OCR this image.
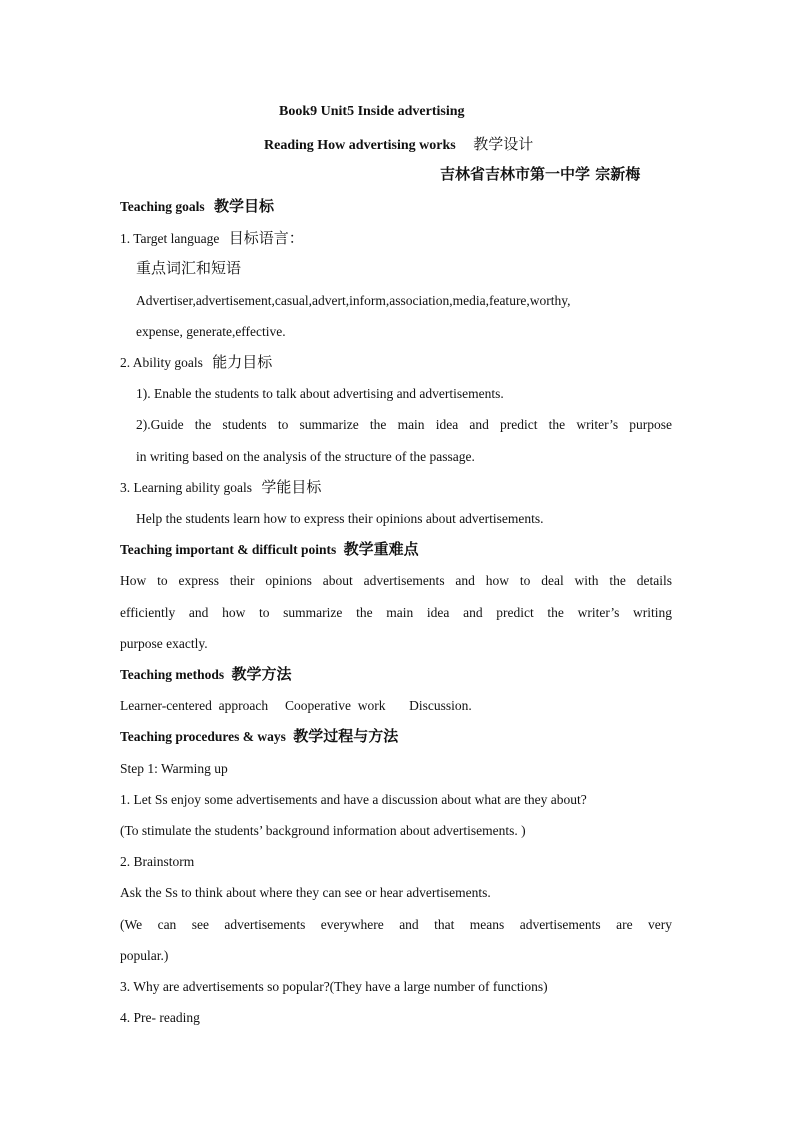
Book9 Unit5 Inside advertising
Reading How advertising works 教学设计
吉林省吉林市第一中学 宗新梅
Teaching goals 教学目标
1. Target language 目标语言：
重点词汇和短语
Advertiser,advertisement,casual,advert,inform,association,media,feature,worthy,
expense, generate,effective.
2. Ability goals 能力目标
1). Enable the students to talk about advertising and advertisements.
2).Guide the students to summarize the main idea and predict the writer’s purpose
in writing based on the analysis of the structure of the passage.
3. Learning ability goals 学能目标
Help the students learn how to express their opinions about advertisements.
Teaching important & difficult points 教学重难点
How to express their opinions about advertisements and how to deal with the details
efficiently and how to summarize the main idea and predict the writer’s writing
purpose exactly.
Teaching methods 教学方法
Learner-centered  approach     Cooperative  work       Discussion.
Teaching procedures & ways 教学过程与方法
Step 1: Warming up
1. Let Ss enjoy some advertisements and have a discussion about what are they about?
(To stimulate the students’ background information about advertisements. )
2. Brainstorm
Ask the Ss to think about where they can see or hear advertisements.
(We can see advertisements everywhere and that means advertisements are very
popular.)
3. Why are advertisements so popular?(They have a large number of functions)
4. Pre- reading
